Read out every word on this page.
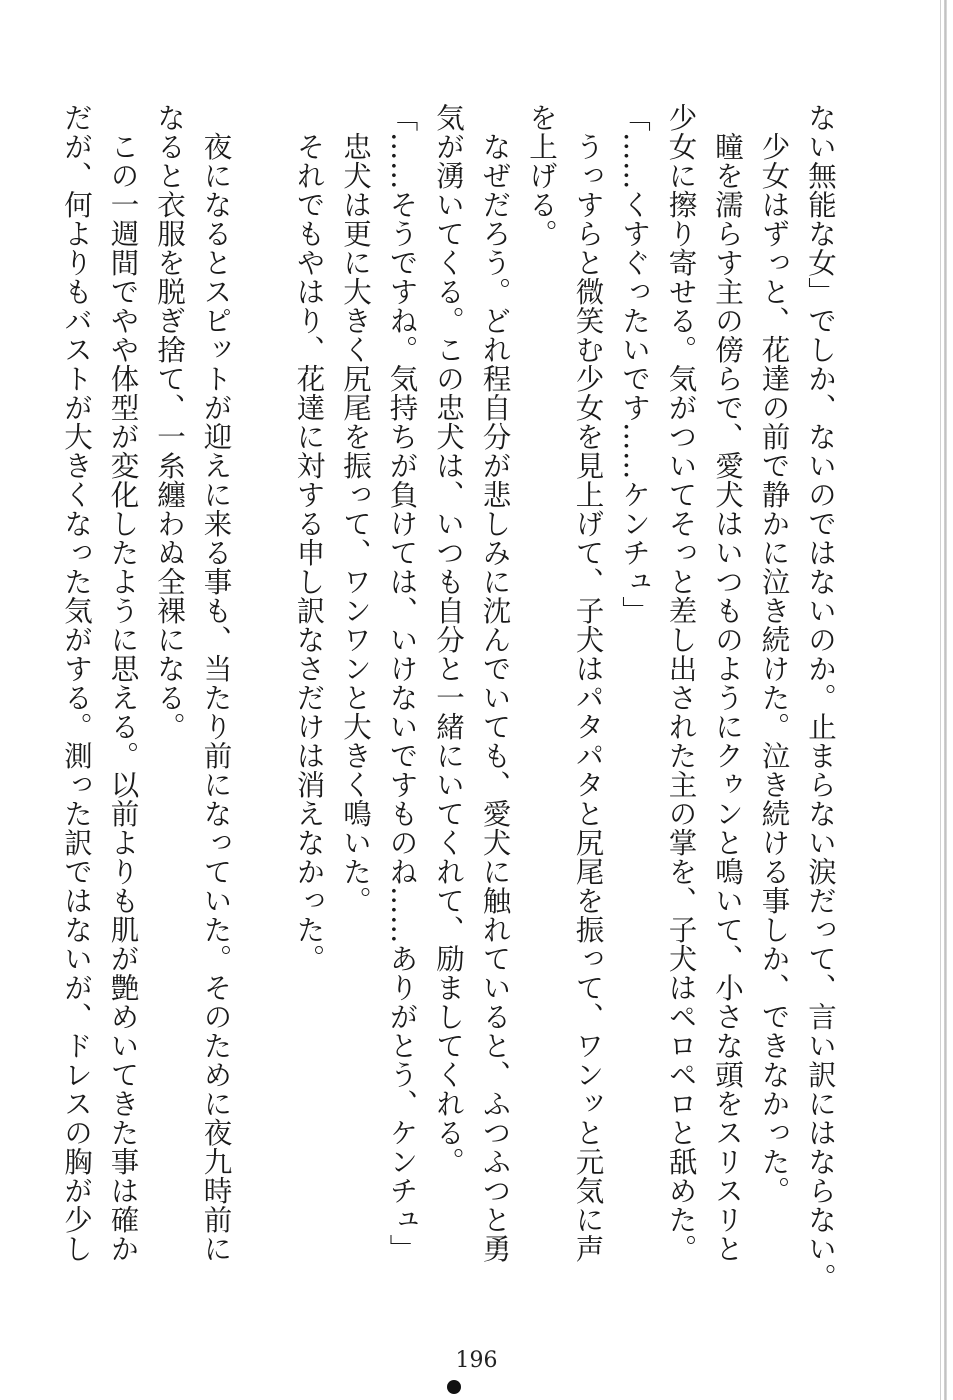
ない無能な女」でしか、ないのではないのか。止まらない涙だって、言い訳にはならない。

少女はずっと、花達の前で静かに泣き続けた。泣き続ける事しか、できなかった。

瞳を濡らす主の傍らで、愛犬はいつものようにクゥンと鳴いて、小さな頭をスリスリと

少女に擦り寄せる。気がついてそっと差し出された主の掌を、子犬はペロペロと舐めた。

「……くすぐったいです……ケンチュ」

うっすらと微笑む少女を見上げて、子犬はパタパタと尻尾を振って、ワンッと元気に声

を上げる。

なぜだろう。どれ程自分が悲しみに沈んでいても、愛犬に触れていると、ふつふつと勇

気が湧いてくる。この忠犬は、いつも自分と一緒にいてくれて、励ましてくれる。

「……そうですね。気持ちが負けては、いけないですものね……ありがとう、ケンチュ」

忠犬は更に大きく尻尾を振って、ワンワンと大きく鳴いた。

それでもやはり、花達に対する申し訳なさだけは消えなかった。

夜になるとスピットが迎えに来る事も、当たり前になっていた。そのために夜九時前に

なると衣服を脱ぎ捨て、一糸纏わぬ全裸になる。

この一週間でやや体型が変化したように思える。以前よりも肌が艶めいてきた事は確か

だが、何よりもバストが大きくなった気がする。測った訳ではないが、ドレスの胸が少し

196
